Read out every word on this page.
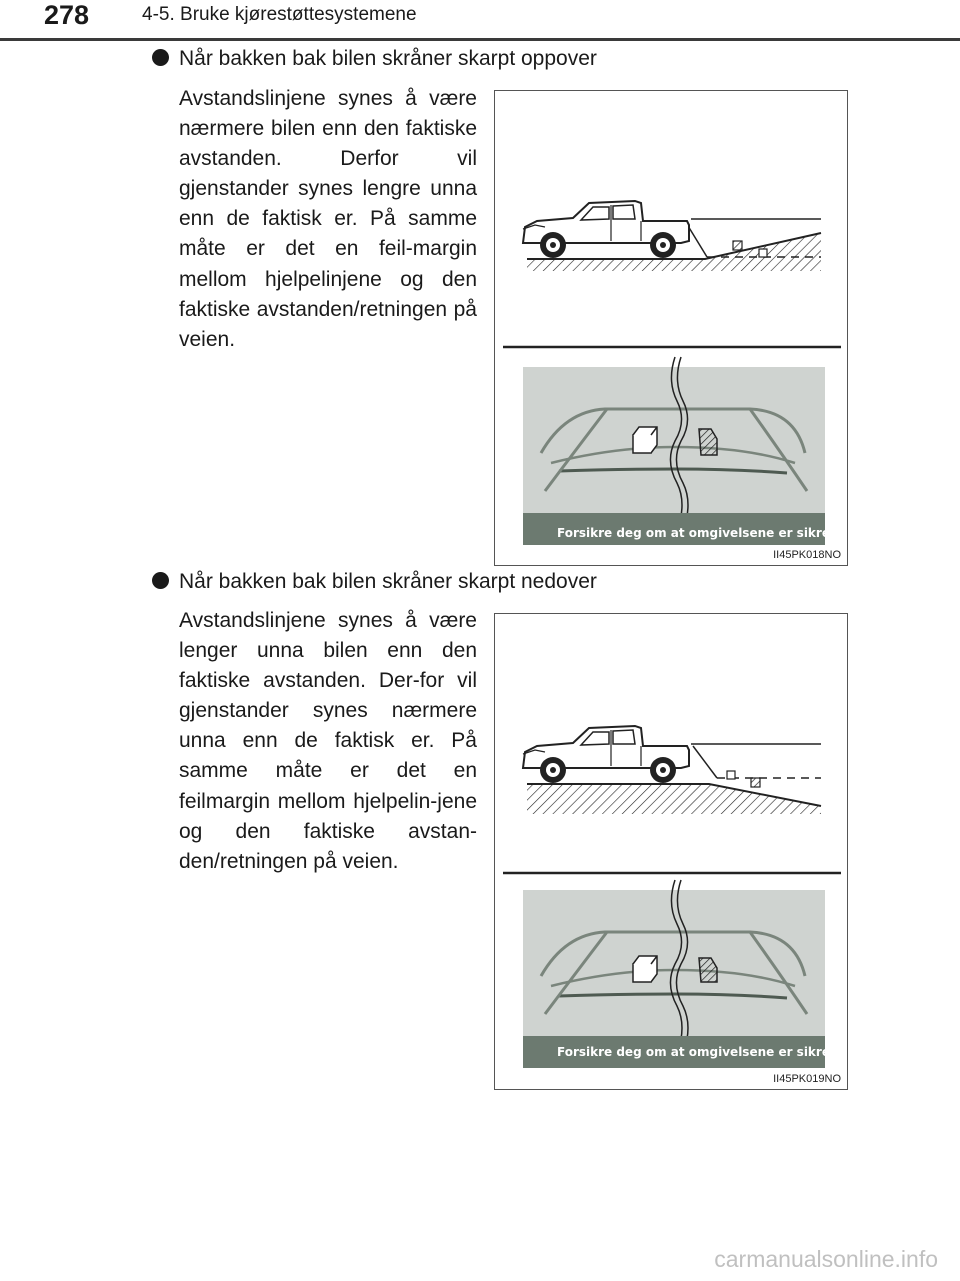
278	4-5. Bruke kjørestøttesystemene
Når bakken bak bilen skråner skarpt oppover
Avstandslinjene synes å være nærmere bilen enn den faktiske avstanden. Derfor vil gjenstander synes lengre unna enn de faktisk er. På samme måte er det en feil-margin mellom hjelpelinjene og den faktiske avstanden/retningen på veien.
Forsikre deg om at omgivelsene er sikre.
II45PK018NO
Når bakken bak bilen skråner skarpt nedover
Avstandslinjene synes å være lenger unna bilen enn den faktiske avstanden. Der-for vil gjenstander synes nærmere unna enn de faktisk er. På samme måte er det en feilmargin mellom hjelpelin-jene og den faktiske avstan-den/retningen på veien.
Forsikre deg om at omgivelsene er sikre.
II45PK019NO
carmanualsonline.info
